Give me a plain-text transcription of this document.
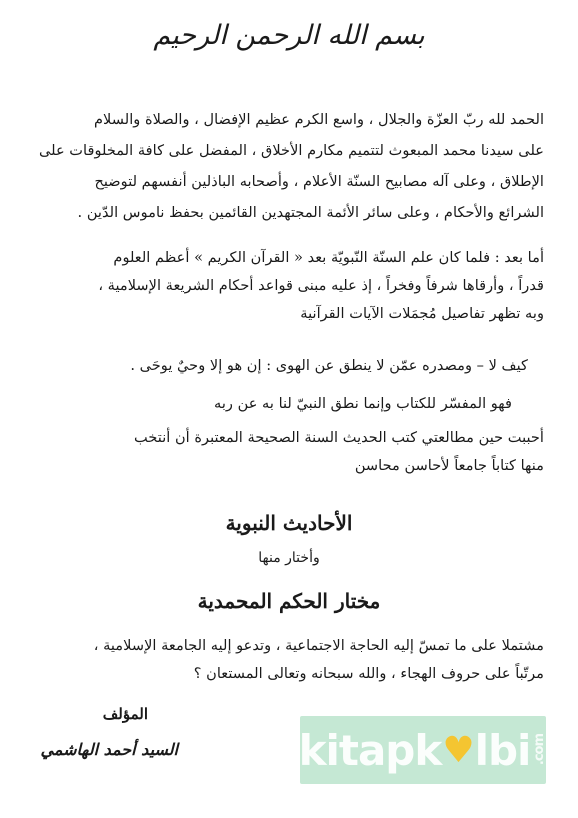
بسم الله الرحمن الرحيم
الحمد لله ربّ العزّة والجلال ، واسع الكرم عظيم الإفضال ، والصلاة والسلام
على سيدنا محمد المبعوث لتتميم مكارم الأخلاق ، المفضل على كافة المخلوقات على
الإطلاق ، وعلى آله مصابيح السنّة الأعلام ، وأصحابه الباذلين أنفسهم لتوضيح
الشرائع والأحكام ، وعلى سائر الأئمة المجتهدين القائمين بحفظ ناموس الدّين .
أما بعد : فلما كان علم السنّة النّبويّة بعد « القرآن الكريم » أعظم العلوم
قدراً ، وأرقاها شرفاً وفخراً ، إذ عليه مبنى قواعد أحكام الشريعة الإسلامية ،
وبه تظهر تفاصيل مُجمَلات الآيات القرآنية
كيف لا – ومصدره عمّن لا ينطق عن الهوى : إن هو إلا وحيٌ يوحَى .
فهو المفسّر للكتاب وإنما نطق النبيّ لنا به عن ربه
أحببت حين مطالعتي كتب الحديث السنة الصحيحة المعتبرة أن أنتخب
منها كتاباً جامعاً لأحاسن محاسن
الأحاديث النبوية
وأختار منها
مختار الحكم المحمدية
مشتملا على ما تمسّ إليه الحاجة الاجتماعية ، وتدعو إليه الجامعة الإسلامية ،
مرتّباً على حروف الهجاء ، والله سبحانه وتعالى المستعان ؟
المؤلف
السيد أحمد الهاشمي	kitapk ♥ lbi .com
